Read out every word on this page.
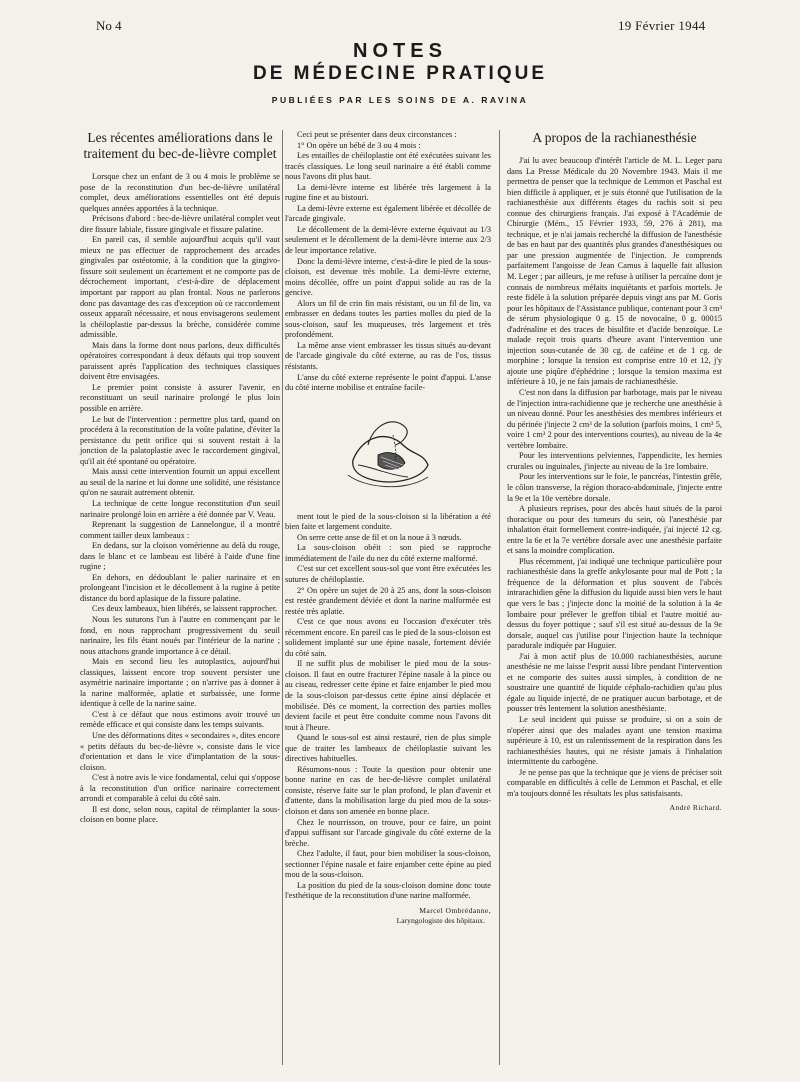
No 4	19 Février 1944
NOTES
DE MÉDECINE PRATIQUE
PUBLIÉES PAR LES SOINS DE A. RAVINA
Les récentes améliorations dans le traitement du bec-de-lièvre complet

Lorsque chez un enfant de 3 ou 4 mois le problème se pose de la reconstitution d'un bec-de-lièvre unilatéral complet, deux améliorations essentielles ont été depuis quelques années apportées à la technique.

Précisons d'abord : bec-de-lièvre unilatéral complet veut dire fissure labiale, fissure gingivale et fissure palatine.

En pareil cas, il semble aujourd'hui acquis qu'il vaut mieux ne pas effectuer de rapprochement des arcades gingivales par ostéotomie, à la condition que la gingivo-fissure soit seulement un écartement et ne comporte pas de décrochement important, c'est-à-dire de déplacement important par rapport au plan frontal. Nous ne parlerons donc pas davantage des cas d'exception où ce raccordement osseux apparaît nécessaire, et nous envisagerons seulement la chéiloplastie par-dessus la brèche, considérée comme admissible.

Mais dans la forme dont nous parlons, deux difficultés opératoires correspondant à deux défauts qui trop souvent paraissent après l'application des techniques classiques doivent être envisagées.

Le premier point consiste à assurer l'avenir, en reconstituant un seuil narinaire prolongé le plus loin possible en arrière.

Le but de l'intervention : permettre plus tard, quand on procédera à la reconstitution de la voûte palatine, d'éviter la persistance du petit orifice qui si souvent restait à la jonction de la palatoplastie avec le raccordement gingival, qu'il ait été spontané ou opératoire.

Mais aussi cette intervention fournit un appui excellent au seuil de la narine et lui donne une solidité, une résistance qu'on ne saurait autrement obtenir.

La technique de cette longue reconstitution d'un seuil narinaire prolongé loin en arrière a été donnée par V. Veau.

Reprenant la suggestion de Lannelongue, il a montré comment tailler deux lambeaux :

En dedans, sur la cloison vomérienne au delà du rouge, dans le blanc et ce lambeau est libéré à l'aide d'une fine rugine ;

En dehors, en dédoublant le palier narinaire et en prolongeant l'incision et le décollement à la rugine à petite distance du bord aplasique de la fissure palatine.

Ces deux lambeaux, bien libérés, se laissent rapprocher.

Nous les suturons l'un à l'autre en commençant par le fond, en nous rapprochant progressivement du seuil narinaire, les fils étant noués par l'intérieur de la narine ; nous attachons grande importance à ce détail.

Mais en second lieu les autoplastics, aujourd'hui classiques, laissent encore trop souvent persister une asymétrie narinaire importante ; on n'arrive pas à donner à la narine malformée, aplatie et surbaissée, une forme identique à celle de la narine saine.

C'est à ce défaut que nous estimons avoir trouvé un remède efficace et qui consiste dans les temps suivants.

Une des déformations dites « secondaires », dites encore « petits défauts du bec-de-lièvre », consiste dans le vice d'orientation et dans le vice d'implantation de la sous-cloison.

C'est à notre avis le vice fondamental, celui qui s'oppose à la reconstitution d'un orifice narinaire correctement arrondi et comparable à celui du côté sain.

Il est donc, selon nous, capital de réimplanter la sous-cloison en bonne place.

Ceci peut se présenter dans deux circonstances :

1° On opère un bébé de 3 ou 4 mois :

Les entailles de chéiloplastie ont été exécutées suivant les tracés classiques. Le long seuil narinaire a été établi comme nous l'avons dit plus haut.

La demi-lèvre interne est libérée très largement à la rugine fine et au bistouri.

La demi-lèvre externe est également libérée et décollée de l'arcade gingivale.

Le décollement de la demi-lèvre externe équivaut au 1/3 seulement et le décollement de la demi-lèvre interne aux 2/3 de leur importance relative.

Donc la demi-lèvre interne, c'est-à-dire le pied de la sous-cloison, est devenue très mobile. La demi-lèvre externe, moins décollée, offre un point d'appui solide au ras de la gencive.

Alors un fil de crin fin mais résistant, ou un fil de lin, va embrasser en dedans toutes les parties molles du pied de la sous-cloison, sauf les muqueuses, très largement et très profondément.

La même anse vient embrasser les tissus situés au-devant de l'arcade gingivale du côté externe, au ras de l'os, tissus résistants.

L'anse du côté externe représente le point d'appui. L'anse du côté interne mobilise et entraîne facile-

ment tout le pied de la sous-cloison si la libération a été bien faite et largement conduite.

On serre cette anse de fil et on la noue à 3 nœuds.

La sous-cloison obéit : son pied se rapproche immédiatement de l'aile du nez du côté externe malformé.

C'est sur cet excellent sous-sol que vont être exécutées les sutures de chéiloplastie.

2° On opère un sujet de 20 à 25 ans, dont la sous-cloison est restée grandement déviée et dont la narine malformée est restée très aplatie.

C'est ce que nous avons eu l'occasion d'exécuter très récemment encore. En pareil cas le pied de la sous-cloison est solidement implanté sur une épine nasale, fortement déviée du côté sain.

Il ne suffit plus de mobiliser le pied mou de la sous-cloison. Il faut en outre fracturer l'épine nasale à la pince ou au ciseau, redresser cette épine et faire enjamber le pied mou de la sous-cloison par-dessus cette épine ainsi déplacée et mobilisée. Dès ce moment, la correction des parties molles devient facile et peut être conduite comme nous l'avons dit tout à l'heure.

Quand le sous-sol est ainsi restauré, rien de plus simple que de traiter les lambeaux de chéiloplastie suivant les directives habituelles.

Résumons-nous : Toute la question pour obtenir une bonne narine en cas de bec-de-lièvre complet unilatéral consiste, réserve faite sur le plan profond, le plan d'avenir et d'attente, dans la mobilisation large du pied mou de la sous-cloison et dans son amenée en bonne place.

Chez le nourrisson, on trouve, pour ce faire, un point d'appui suffisant sur l'arcade gingivale du côté externe de la brèche.

Chez l'adulte, il faut, pour bien mobiliser la sous-cloison, sectionner l'épine nasale et faire enjamber cette épine au pied mou de la sous-cloison.

La position du pied de la sous-cloison domine donc toute l'esthétique de la reconstitution d'une narine malformée.

Marcel Ombrédanne,
Laryngologiste des hôpitaux.
A propos de la rachianesthésie

J'ai lu avec beaucoup d'intérêt l'article de M. L. Leger paru dans La Presse Médicale du 20 Novembre 1943. Mais il me permettra de penser que la technique de Lemmon et Paschal est bien difficile à appliquer, et je suis étonné que l'utilisation de la rachianesthésie aux différents étages du rachis soit si peu connue des chirurgiens français. J'ai exposé à l'Académie de Chirurgie (Mém., 15 Février 1933, 59, 276 à 281), ma technique, et je n'ai jamais recherché la diffusion de l'anesthésie de bas en haut par des quantités plus grandes d'anesthésiques ou par une pression augmentée de l'injection. Je comprends parfaitement l'angoisse de Jean Camus à laquelle fait allusion M. Leger ; par ailleurs, je me refuse à utiliser la percaïne dont je connais de nombreux méfaits inquiétants et parfois mortels. Je reste fidèle à la solution préparée depuis vingt ans par M. Goris pour les hôpitaux de l'Assistance publique, contenant pour 3 cm³ de sérum physiologique 0 g. 15 de novocaïne, 0 g. 00015 d'adrénaline et des traces de bisulfite et d'acide benzoïque. Le malade reçoit trois quarts d'heure avant l'intervention une injection sous-cutanée de 30 cg. de caféine et de 1 cg. de morphine ; lorsque la tension est comprise entre 10 et 12, j'y ajoute une piqûre d'éphédrine ; lorsque la tension maxima est inférieure à 10, je ne fais jamais de rachianesthésie.

C'est non dans la diffusion par barbotage, mais par le niveau de l'injection intra-rachidienne que je recherche une anesthésie à un niveau donné. Pour les anesthésies des membres inférieurs et du périnée j'injecte 2 cm³ de la solution (parfois moins, 1 cm³ 5, voire 1 cm³ 2 pour des interventions courtes), au niveau de la 4e vertèbre lombaire.

Pour les interventions pelviennes, l'appendicite, les hernies crurales ou inguinales, j'injecte au niveau de la 1re lombaire.

Pour les interventions sur le foie, le pancréas, l'intestin grêle, le côlon transverse, la région thoraco-abdominale, j'injecte entre la 9e et la 10e vertèbre dorsale.

A plusieurs reprises, pour des abcès haut situés de la paroi thoracique ou pour des tumeurs du sein, où l'anesthésie par inhalation était formellement contre-indiquée, j'ai injecté 12 cg. entre la 6e et la 7e vertèbre dorsale avec une anesthésie parfaite et sans la moindre complication.

Plus récemment, j'ai indiqué une technique particulière pour rachianesthésie dans la greffe ankylosante pour mal de Pott ; la fréquence de la déformation et plus souvent de l'abcès intrarachidien gêne la diffusion du liquide aussi bien vers le haut que vers le bas ; j'injecte donc la moitié de la solution à la 4e lombaire pour prélever le greffon tibial et l'autre moitié au-dessus du foyer pottique ; sauf s'il est situé au-dessus de la 9e dorsale, auquel cas j'utilise pour l'injection haute la technique paradurale indiquée par Huguier.

J'ai à mon actif plus de 10.000 rachianesthésies, aucune anesthésie ne me laisse l'esprit aussi libre pendant l'intervention et ne comporte des suites aussi simples, à condition de ne soustraire une quantité de liquide céphalo-rachidien qu'au plus égale au liquide injecté, de ne pratiquer aucun barbotage, et de pousser très lentement la solution anesthésiante.

Le seul incident qui puisse se produire, si on a soin de n'opérer ainsi que des malades ayant une tension maxima supérieure à 10, est un ralentissement de la respiration dans les rachianesthésies hautes, qui ne résiste jamais à l'inhalation intermittente du carbogène.

Je ne pense pas que la technique que je viens de préciser soit comparable en difficultés à celle de Lemmon et Paschal, et elle m'a toujours donné les résultats les plus satisfaisants.

André Richard.
